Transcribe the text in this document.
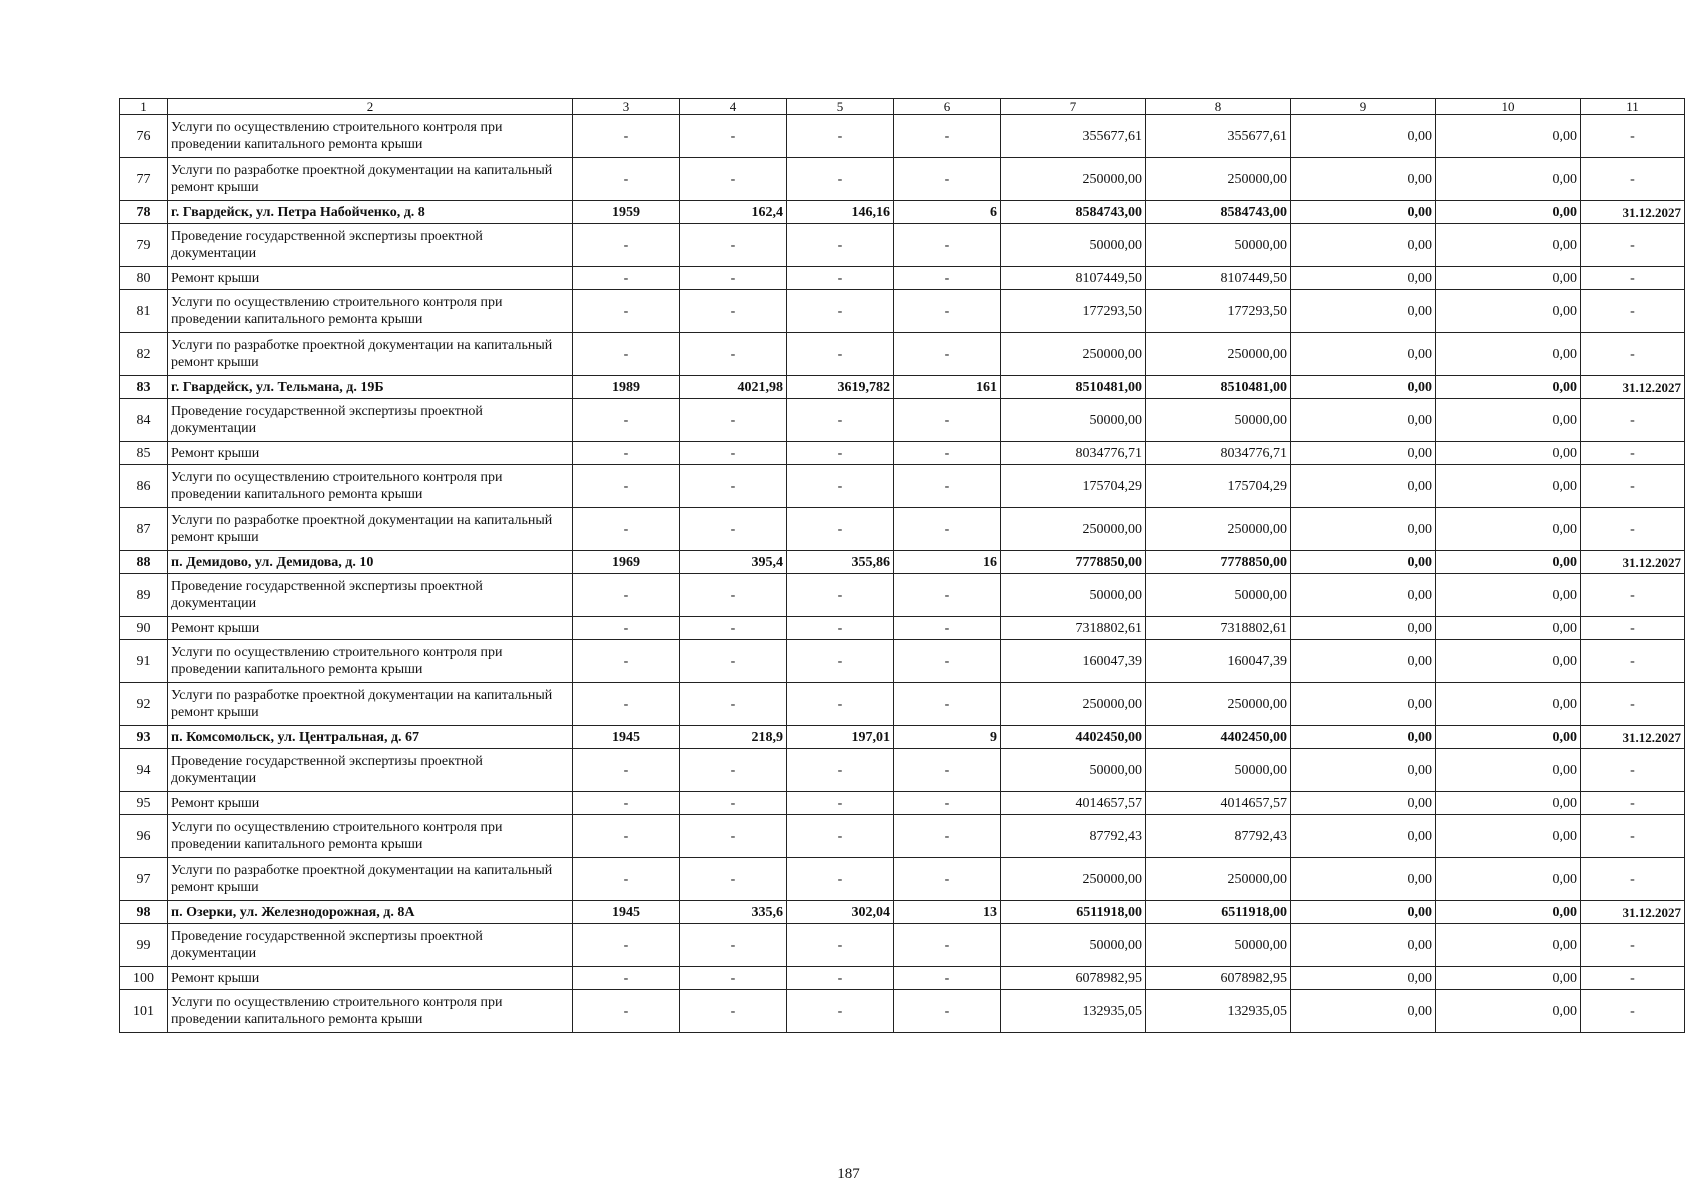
1	2	3	4	5	6	7	8	9	10	11
76	Услуги по осуществлению строительного контроля при проведении капитального ремонта крыши	-	-	-	-	355677,61	355677,61	0,00	0,00	-
77	Услуги по разработке проектной документации на капитальный ремонт крыши	-	-	-	-	250000,00	250000,00	0,00	0,00	-
78	г. Гвардейск, ул. Петра Набойченко, д. 8	1959	162,4	146,16	6	8584743,00	8584743,00	0,00	0,00	31.12.2027
79	Проведение государственной экспертизы проектной документации	-	-	-	-	50000,00	50000,00	0,00	0,00	-
80	Ремонт крыши	-	-	-	-	8107449,50	8107449,50	0,00	0,00	-
81	Услуги по осуществлению строительного контроля при проведении капитального ремонта крыши	-	-	-	-	177293,50	177293,50	0,00	0,00	-
82	Услуги по разработке проектной документации на капитальный ремонт крыши	-	-	-	-	250000,00	250000,00	0,00	0,00	-
83	г. Гвардейск, ул. Тельмана, д. 19Б	1989	4021,98	3619,782	161	8510481,00	8510481,00	0,00	0,00	31.12.2027
84	Проведение государственной экспертизы проектной документации	-	-	-	-	50000,00	50000,00	0,00	0,00	-
85	Ремонт крыши	-	-	-	-	8034776,71	8034776,71	0,00	0,00	-
86	Услуги по осуществлению строительного контроля при проведении капитального ремонта крыши	-	-	-	-	175704,29	175704,29	0,00	0,00	-
87	Услуги по разработке проектной документации на капитальный ремонт крыши	-	-	-	-	250000,00	250000,00	0,00	0,00	-
88	п. Демидово, ул. Демидова, д. 10	1969	395,4	355,86	16	7778850,00	7778850,00	0,00	0,00	31.12.2027
89	Проведение государственной экспертизы проектной документации	-	-	-	-	50000,00	50000,00	0,00	0,00	-
90	Ремонт крыши	-	-	-	-	7318802,61	7318802,61	0,00	0,00	-
91	Услуги по осуществлению строительного контроля при проведении капитального ремонта крыши	-	-	-	-	160047,39	160047,39	0,00	0,00	-
92	Услуги по разработке проектной документации на капитальный ремонт крыши	-	-	-	-	250000,00	250000,00	0,00	0,00	-
93	п. Комсомольск, ул. Центральная, д. 67	1945	218,9	197,01	9	4402450,00	4402450,00	0,00	0,00	31.12.2027
94	Проведение государственной экспертизы проектной документации	-	-	-	-	50000,00	50000,00	0,00	0,00	-
95	Ремонт крыши	-	-	-	-	4014657,57	4014657,57	0,00	0,00	-
96	Услуги по осуществлению строительного контроля при проведении капитального ремонта крыши	-	-	-	-	87792,43	87792,43	0,00	0,00	-
97	Услуги по разработке проектной документации на капитальный ремонт крыши	-	-	-	-	250000,00	250000,00	0,00	0,00	-
98	п. Озерки, ул. Железнодорожная, д. 8А	1945	335,6	302,04	13	6511918,00	6511918,00	0,00	0,00	31.12.2027
99	Проведение государственной экспертизы проектной документации	-	-	-	-	50000,00	50000,00	0,00	0,00	-
100	Ремонт крыши	-	-	-	-	6078982,95	6078982,95	0,00	0,00	-
101	Услуги по осуществлению строительного контроля при проведении капитального ремонта крыши	-	-	-	-	132935,05	132935,05	0,00	0,00	-
187
